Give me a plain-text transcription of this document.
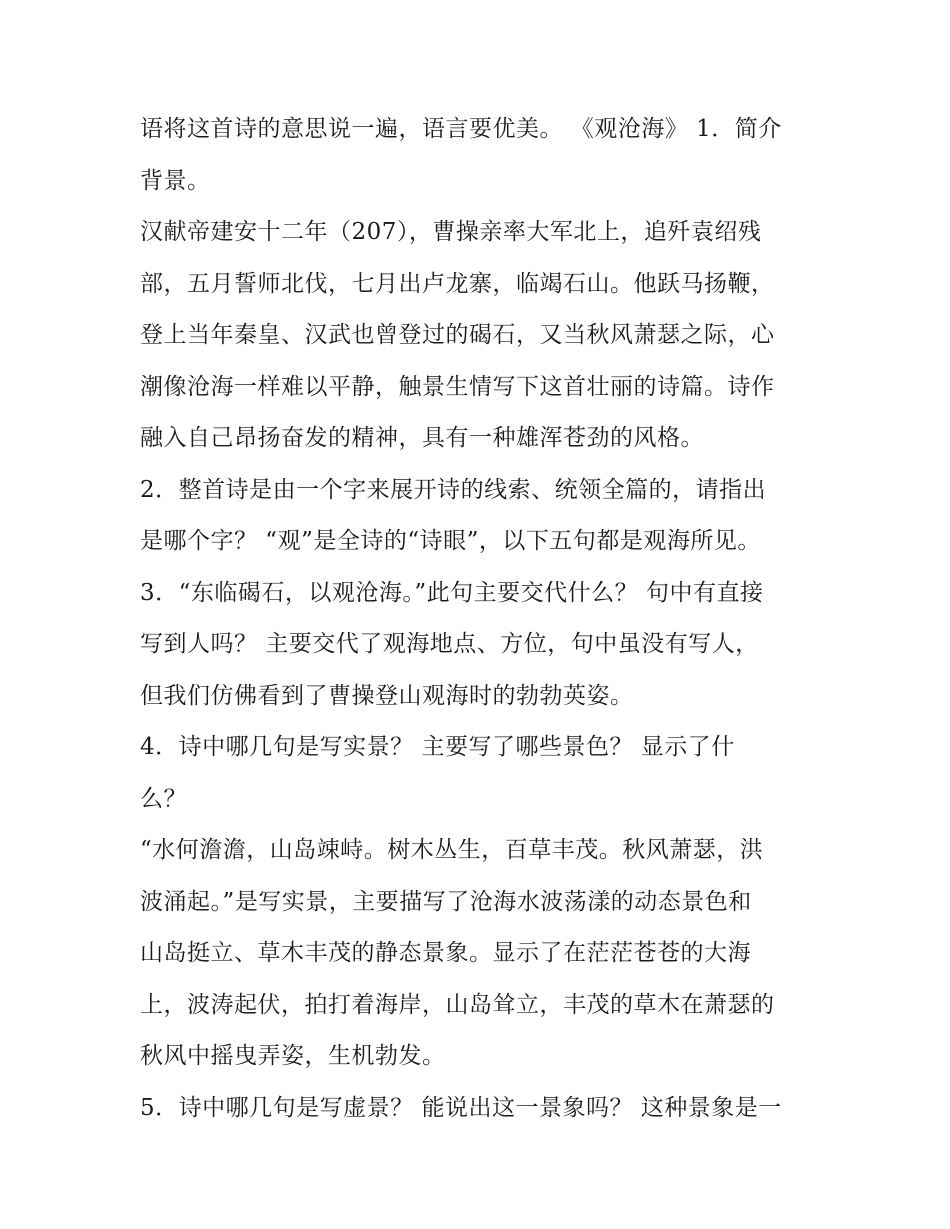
语将这首诗的意思说一遍，语言要优美。 《观沧海》 1．简介
背景。
汉献帝建安十二年（207），曹操亲率大军北上，追歼袁绍残
部，五月誓师北伐，七月出卢龙寨，临竭石山。他跃马扬鞭，
登上当年秦皇、汉武也曾登过的碣石，又当秋风萧瑟之际，心
潮像沧海一样难以平静，触景生情写下这首壮丽的诗篇。诗作
融入自己昂扬奋发的精神，具有一种雄浑苍劲的风格。
2．整首诗是由一个字来展开诗的线索、统领全篇的，请指出
是哪个字？ “观”是全诗的“诗眼”，以下五句都是观海所见。
3．“东临碣石，以观沧海。”此句主要交代什么？ 句中有直接
写到人吗？ 主要交代了观海地点、方位，句中虽没有写人，
但我们仿佛看到了曹操登山观海时的勃勃英姿。
4．诗中哪几句是写实景？ 主要写了哪些景色？ 显示了什
么？
“水何澹澹，山岛竦峙。树木丛生，百草丰茂。秋风萧瑟，洪
波涌起。”是写实景，主要描写了沧海水波荡漾的动态景色和
山岛挺立、草木丰茂的静态景象。显示了在茫茫苍苍的大海
上，波涛起伏，拍打着海岸，山岛耸立，丰茂的草木在萧瑟的
秋风中摇曳弄姿，生机勃发。
5．诗中哪几句是写虚景？ 能说出这一景象吗？ 这种景象是一
